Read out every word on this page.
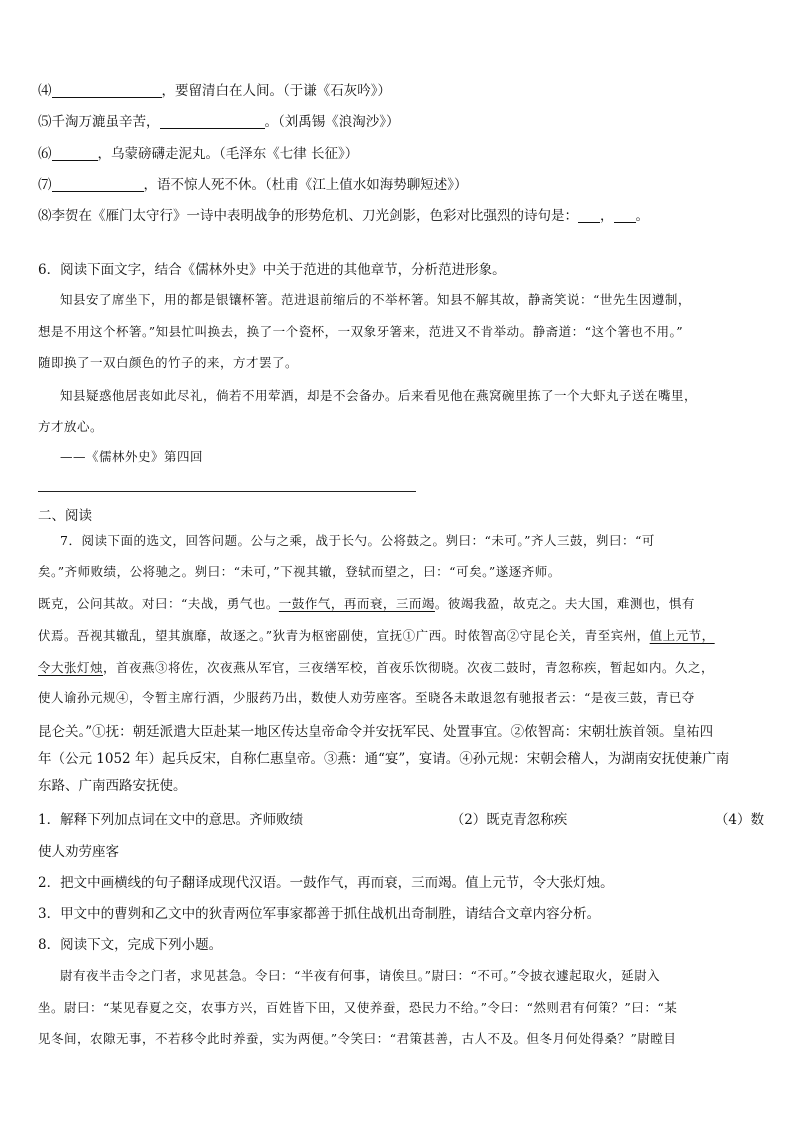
⑷	，要留清白在人间。（于谦《石灰吟》）
⑸千淘万漉虽辛苦，	。（刘禹锡《浪淘沙》）
⑹	，乌蒙磅礴走泥丸。（毛泽东《七律 长征》）
⑺	，语不惊人死不休。（杜甫《江上值水如海势聊短述》）
⑻李贺在《雁门太守行》一诗中表明战争的形势危机、刀光剑影，色彩对比强烈的诗句是： ， 。
6．阅读下面文字，结合《儒林外史》中关于范进的其他章节，分析范进形象。
知县安了席坐下，用的都是银镶杯箸。范进退前缩后的不举杯箸。知县不解其故，静斋笑说：“世先生因遵制，
想是不用这个杯箸。”知县忙叫换去，换了一个瓷杯，一双象牙箸来，范进又不肯举动。静斋道：“这个箸也不用。”
随即换了一双白颜色的竹子的来，方才罢了。
知县疑惑他居丧如此尽礼，倘若不用荤酒，却是不会备办。后来看见他在燕窝碗里拣了一个大虾丸子送在嘴里，
方才放心。
——《儒林外史》第四回
二、阅读
7．阅读下面的选文，回答问题。公与之乘，战于长勺。公将鼓之。刿曰：“未可。”齐人三鼓，刿曰：“可
矣。”齐师败绩，公将驰之。刿曰：“未可，”下视其辙，登轼而望之，曰：“可矣。”遂逐齐师。
既克，公问其故。对曰：“夫战，勇气也。一鼓作气，再而衰，三而竭。彼竭我盈，故克之。夫大国，难测也，惧有
伏焉。吾视其辙乱，望其旗靡，故逐之。”狄青为枢密副使，宣抚①广西。时侬智高②守昆仑关，青至宾州，值上元节，
令大张灯烛，首夜燕③将佐，次夜燕从军官，三夜缮军校，首夜乐饮彻晓。次夜二鼓时，青忽称疾，暂起如内。久之，
使人谕孙元规④，令暂主席行酒，少服药乃出，数使人劝劳座客。至晓各未敢退忽有驰报者云：“是夜三鼓，青已夺
昆仑关。”①抚：朝廷派遣大臣赴某一地区传达皇帝命令并安抚军民、处置事宜。②侬智高：宋朝壮族首领。皇祐四
年（公元 1052 年）起兵反宋，自称仁惠皇帝。③燕：通“宴”，宴请。④孙元规：宋朝会稽人，为湖南安抚使兼广南
东路、广南西路安抚使。
1．解释下列加点词在文中的意思。齐师败绩	（2）既克青忽称疾	（4）数
使人劝劳座客
2．把文中画横线的句子翻译成现代汉语。一鼓作气，再而衰，三而竭。值上元节，令大张灯烛。
3．甲文中的曹刿和乙文中的狄青两位军事家都善于抓住战机出奇制胜，请结合文章内容分析。
8．阅读下文，完成下列小题。
尉有夜半击令之门者，求见甚急。令曰：“半夜有何事，请俟旦。”尉曰：“不可。”令披衣遽起取火，延尉入
坐。尉曰：“某见春夏之交，农事方兴，百姓皆下田，又使养蚕，恐民力不给。”令曰：“然则君有何策？”曰：“某
见冬间，农隙无事，不若移令此时养蚕，实为两便。”令笑曰：“君策甚善，古人不及。但冬月何处得桑？”尉瞠目
